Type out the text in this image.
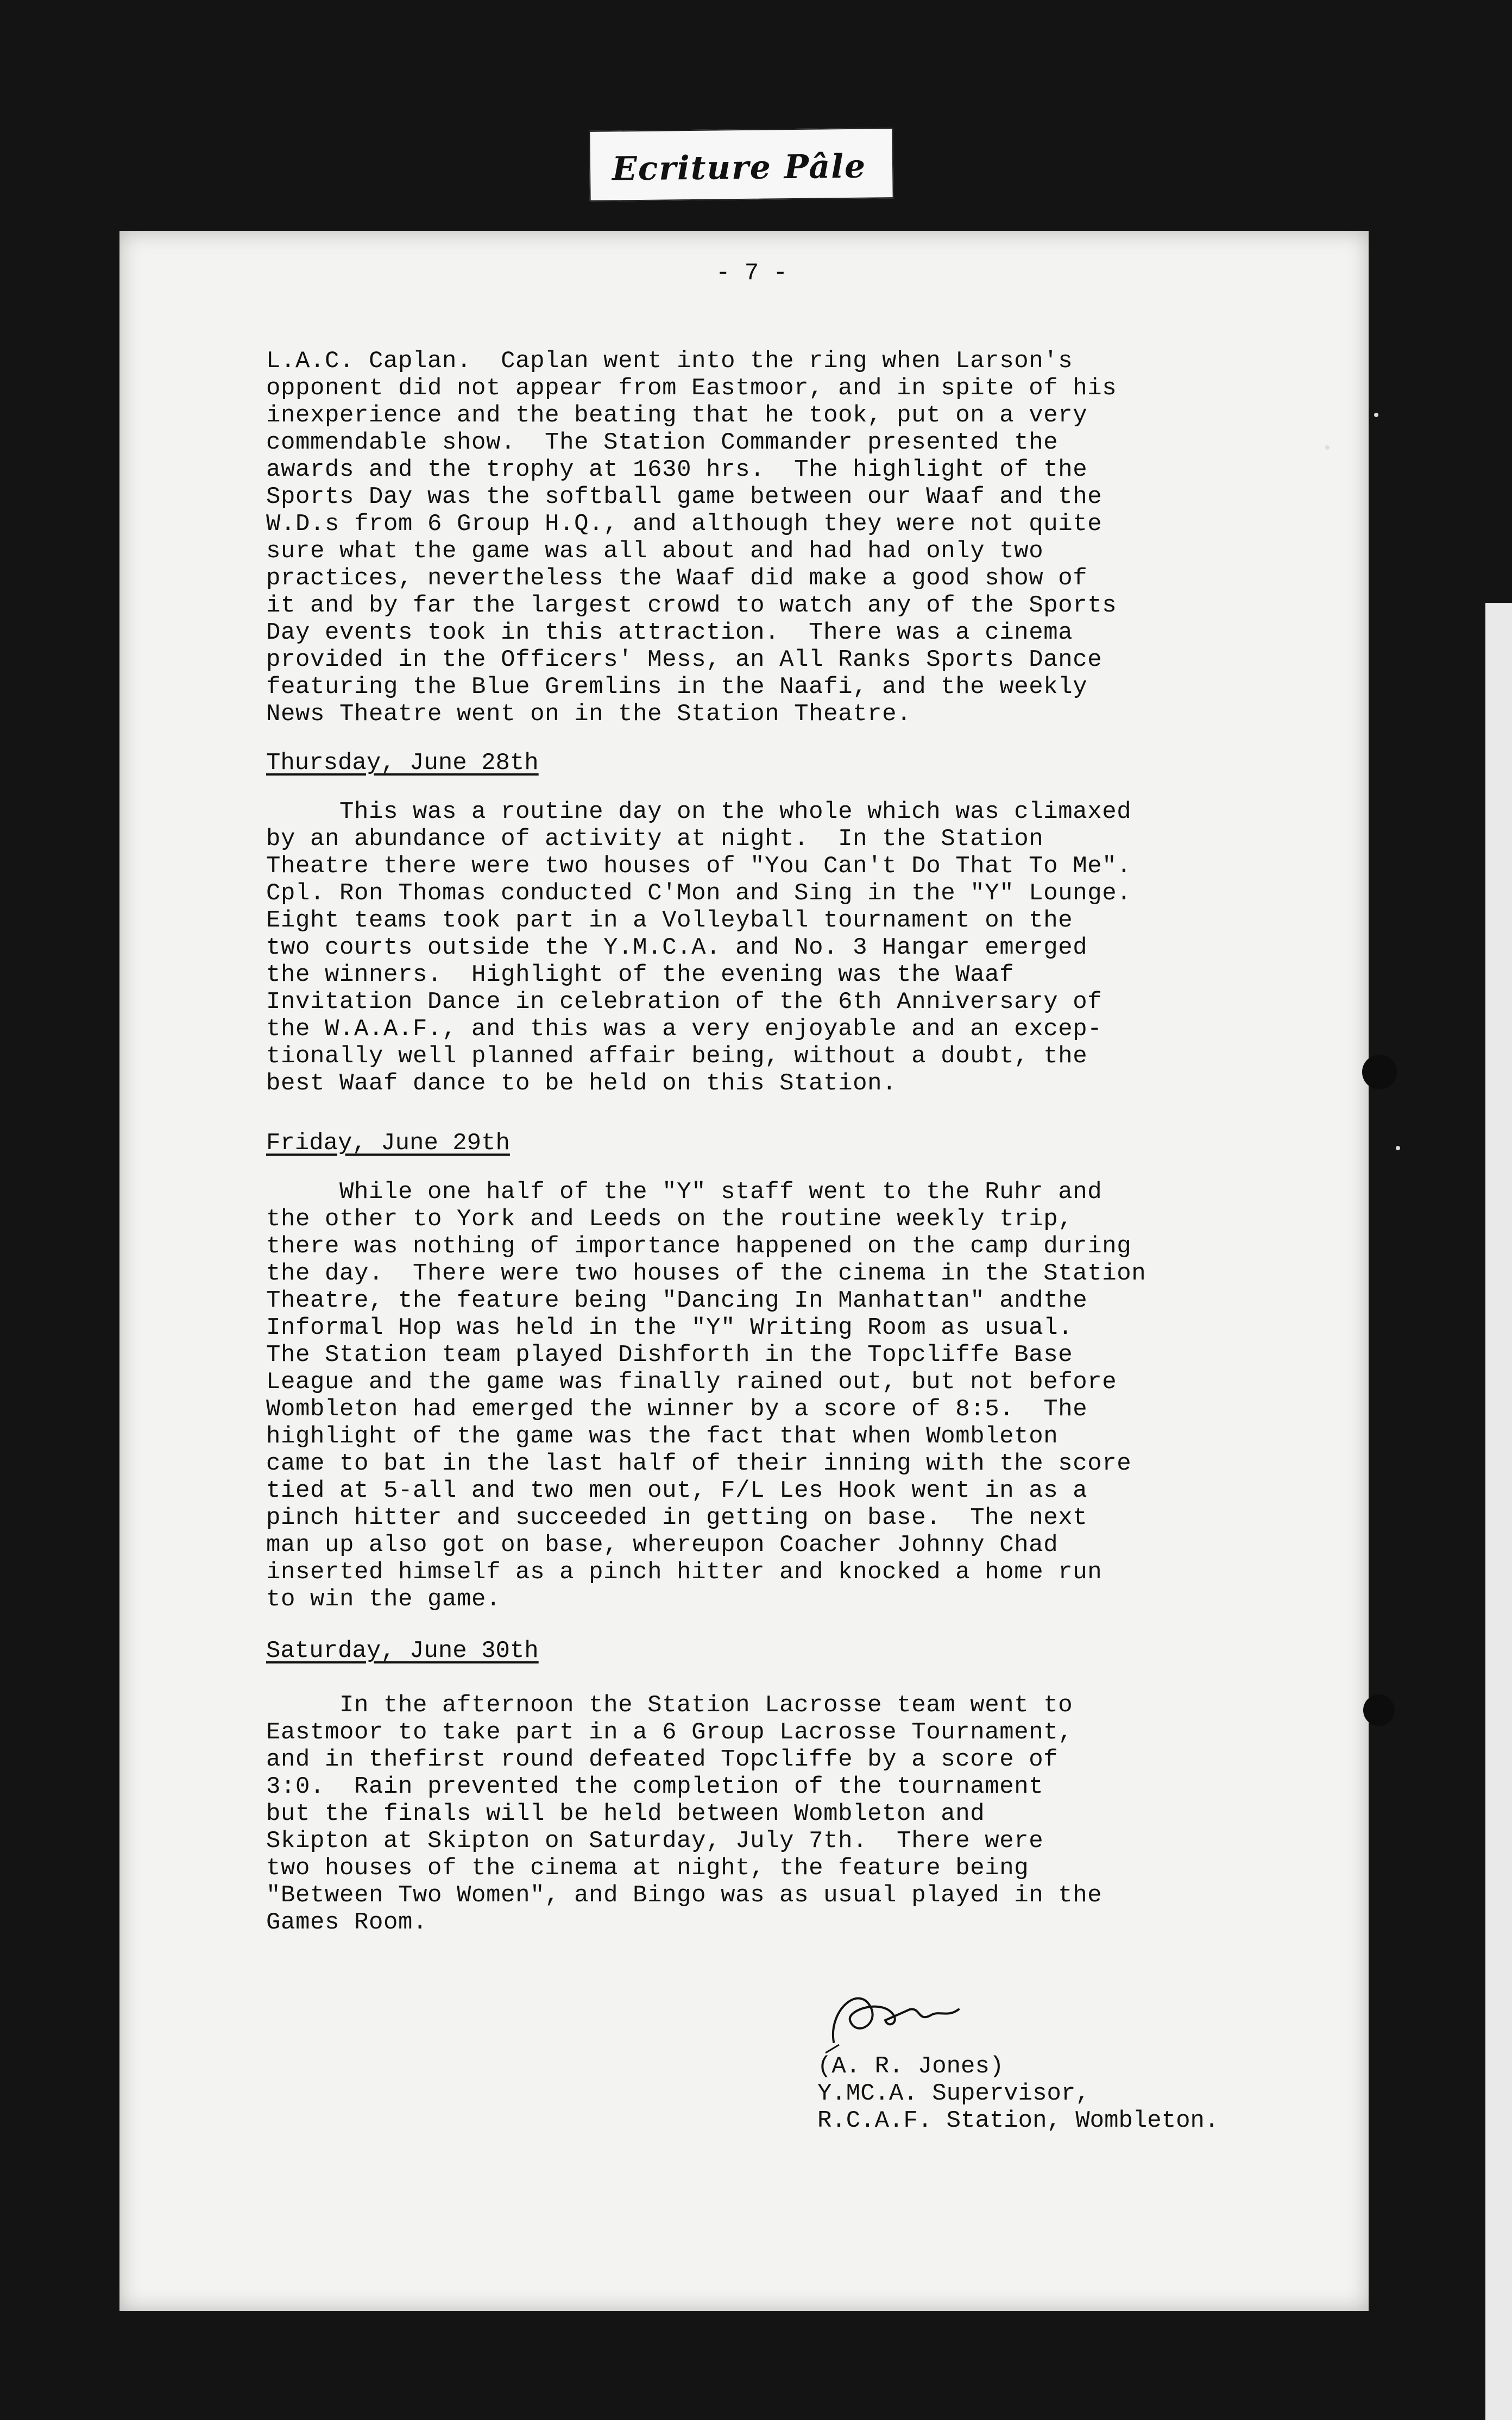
Ecriture Pâle
- 7 -
L.A.C. Caplan.  Caplan went into the ring when Larson's
opponent did not appear from Eastmoor, and in spite of his
inexperience and the beating that he took, put on a very
commendable show.  The Station Commander presented the
awards and the trophy at 1630 hrs.  The highlight of the
Sports Day was the softball game between our Waaf and the
W.D.s from 6 Group H.Q., and although they were not quite
sure what the game was all about and had had only two
practices, nevertheless the Waaf did make a good show of
it and by far the largest crowd to watch any of the Sports
Day events took in this attraction.  There was a cinema
provided in the Officers' Mess, an All Ranks Sports Dance
featuring the Blue Gremlins in the Naafi, and the weekly
News Theatre went on in the Station Theatre.
Thursday, June 28th
This was a routine day on the whole which was climaxed
by an abundance of activity at night.  In the Station
Theatre there were two houses of "You Can't Do That To Me".
Cpl. Ron Thomas conducted C'Mon and Sing in the "Y" Lounge.
Eight teams took part in a Volleyball tournament on the
two courts outside the Y.M.C.A. and No. 3 Hangar emerged
the winners.  Highlight of the evening was the Waaf
Invitation Dance in celebration of the 6th Anniversary of
the W.A.A.F., and this was a very enjoyable and an excep-
tionally well planned affair being, without a doubt, the
best Waaf dance to be held on this Station.
Friday, June 29th
While one half of the "Y" staff went to the Ruhr and
the other to York and Leeds on the routine weekly trip,
there was nothing of importance happened on the camp during
the day.  There were two houses of the cinema in the Station
Theatre, the feature being "Dancing In Manhattan" andthe
Informal Hop was held in the "Y" Writing Room as usual.
The Station team played Dishforth in the Topcliffe Base
League and the game was finally rained out, but not before
Wombleton had emerged the winner by a score of 8:5.  The
highlight of the game was the fact that when Wombleton
came to bat in the last half of their inning with the score
tied at 5-all and two men out, F/L Les Hook went in as a
pinch hitter and succeeded in getting on base.  The next
man up also got on base, whereupon Coacher Johnny Chad
inserted himself as a pinch hitter and knocked a home run
to win the game.
Saturday, June 30th
In the afternoon the Station Lacrosse team went to
Eastmoor to take part in a 6 Group Lacrosse Tournament,
and in thefirst round defeated Topcliffe by a score of
3:0.  Rain prevented the completion of the tournament
but the finals will be held between Wombleton and
Skipton at Skipton on Saturday, July 7th.  There were
two houses of the cinema at night, the feature being
"Between Two Women", and Bingo was as usual played in the
Games Room.
(A. R. Jones)
Y.MC.A. Supervisor,
R.C.A.F. Station, Wombleton.
